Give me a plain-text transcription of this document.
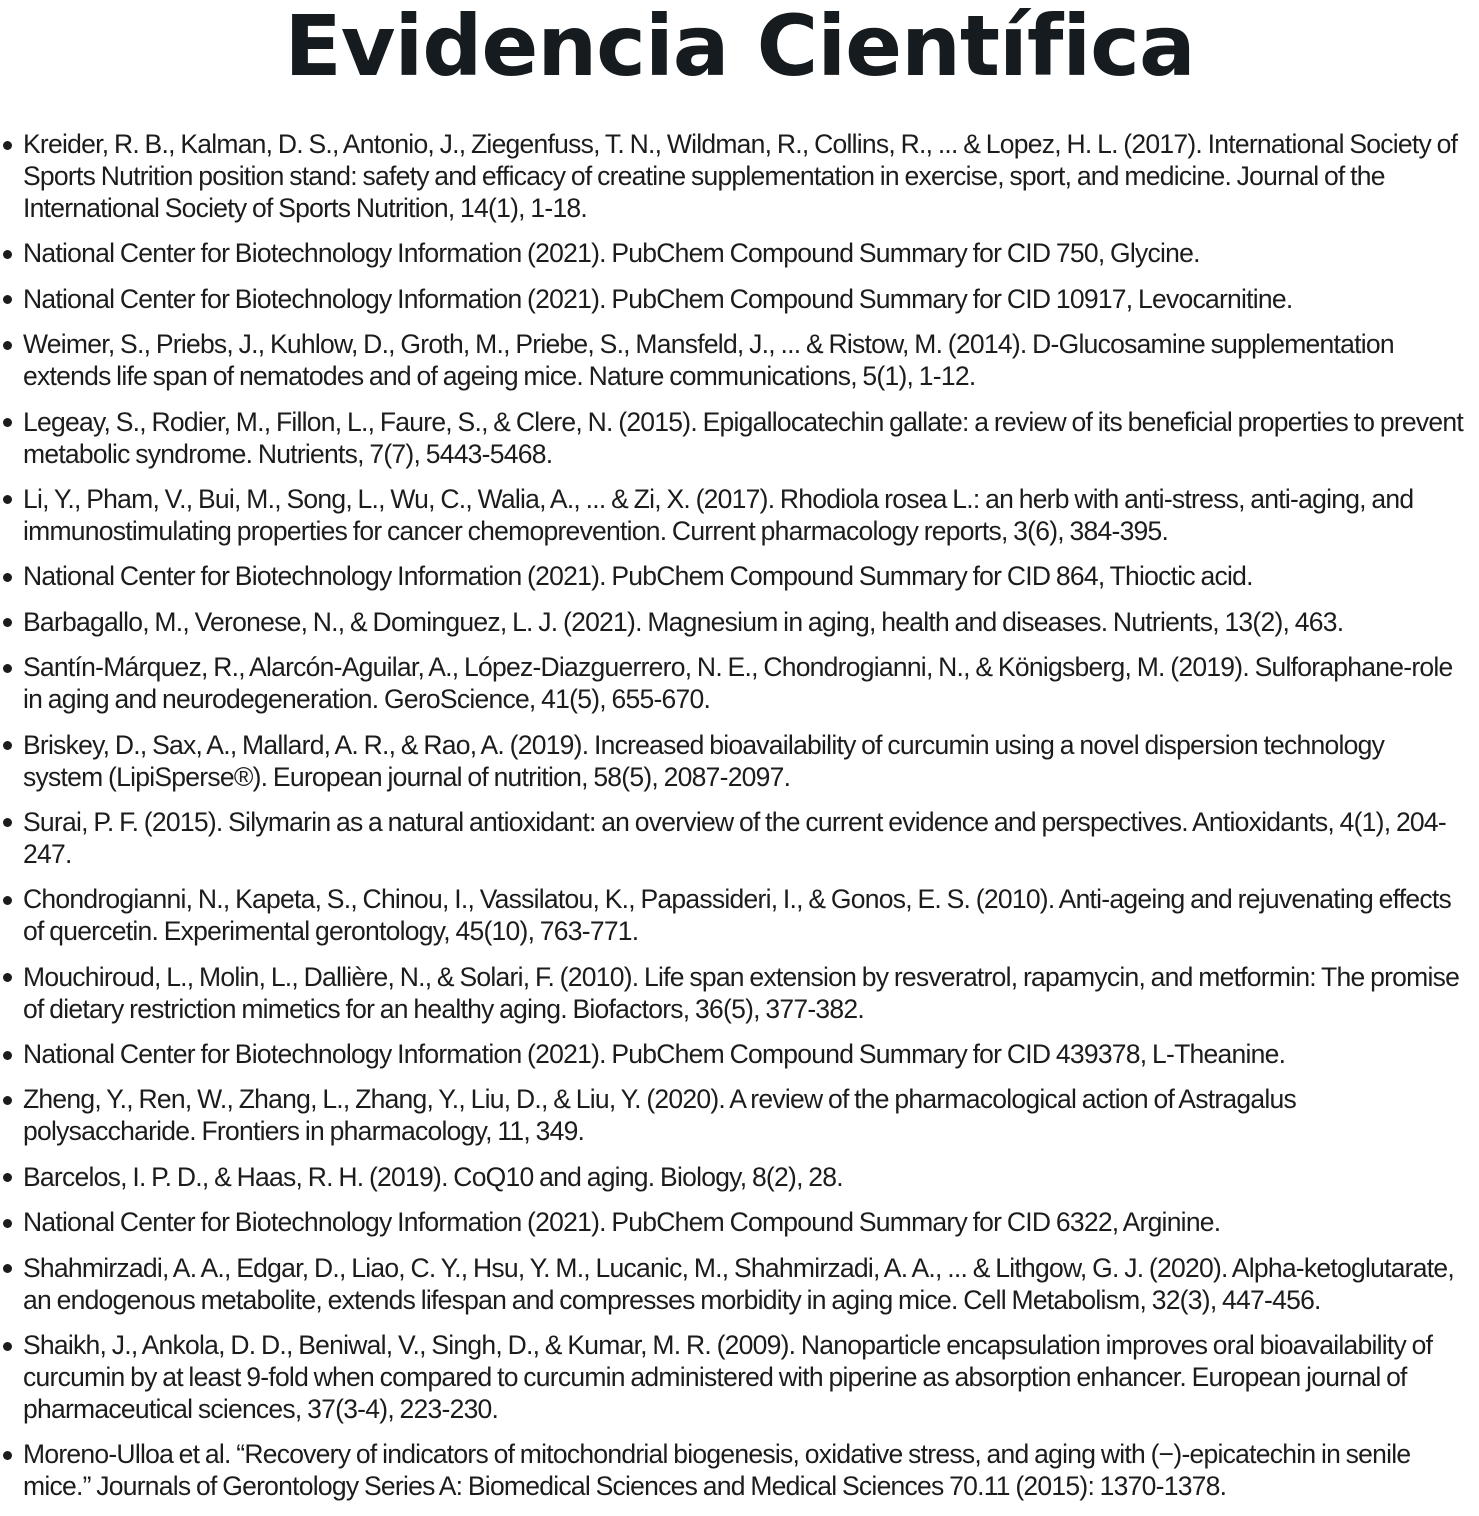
Evidencia Científica
Kreider, R. B., Kalman, D. S., Antonio, J., Ziegenfuss, T. N., Wildman, R., Collins, R., ... & Lopez, H. L. (2017). International Society of Sports Nutrition position stand: safety and efficacy of creatine supplementation in exercise, sport, and medicine. Journal of the International Society of Sports Nutrition, 14(1), 1-18.
National Center for Biotechnology Information (2021). PubChem Compound Summary for CID 750, Glycine.
National Center for Biotechnology Information (2021). PubChem Compound Summary for CID 10917, Levocarnitine.
Weimer, S., Priebs, J., Kuhlow, D., Groth, M., Priebe, S., Mansfeld, J., ... & Ristow, M. (2014). D-Glucosamine supplementation extends life span of nematodes and of ageing mice. Nature communications, 5(1), 1-12.
Legeay, S., Rodier, M., Fillon, L., Faure, S., & Clere, N. (2015). Epigallocatechin gallate: a review of its beneficial properties to prevent metabolic syndrome. Nutrients, 7(7), 5443-5468.
Li, Y., Pham, V., Bui, M., Song, L., Wu, C., Walia, A., ... & Zi, X. (2017). Rhodiola rosea L.: an herb with anti-stress, anti-aging, and immunostimulating properties for cancer chemoprevention. Current pharmacology reports, 3(6), 384-395.
National Center for Biotechnology Information (2021). PubChem Compound Summary for CID 864, Thioctic acid.
Barbagallo, M., Veronese, N., & Dominguez, L. J. (2021). Magnesium in aging, health and diseases. Nutrients, 13(2), 463.
Santín-Márquez, R., Alarcón-Aguilar, A., López-Diazguerrero, N. E., Chondrogianni, N., & Königsberg, M. (2019). Sulforaphane-role in aging and neurodegeneration. GeroScience, 41(5), 655-670.
Briskey, D., Sax, A., Mallard, A. R., & Rao, A. (2019). Increased bioavailability of curcumin using a novel dispersion technology system (LipiSperse®). European journal of nutrition, 58(5), 2087-2097.
Surai, P. F. (2015). Silymarin as a natural antioxidant: an overview of the current evidence and perspectives. Antioxidants, 4(1), 204-247.
Chondrogianni, N., Kapeta, S., Chinou, I., Vassilatou, K., Papassideri, I., & Gonos, E. S. (2010). Anti-ageing and rejuvenating effects of quercetin. Experimental gerontology, 45(10), 763-771.
Mouchiroud, L., Molin, L., Dallière, N., & Solari, F. (2010). Life span extension by resveratrol, rapamycin, and metformin: The promise of dietary restriction mimetics for an healthy aging. Biofactors, 36(5), 377-382.
National Center for Biotechnology Information (2021). PubChem Compound Summary for CID 439378, L-Theanine.
Zheng, Y., Ren, W., Zhang, L., Zhang, Y., Liu, D., & Liu, Y. (2020). A review of the pharmacological action of Astragalus polysaccharide. Frontiers in pharmacology, 11, 349.
Barcelos, I. P. D., & Haas, R. H. (2019). CoQ10 and aging. Biology, 8(2), 28.
National Center for Biotechnology Information (2021). PubChem Compound Summary for CID 6322, Arginine.
Shahmirzadi, A. A., Edgar, D., Liao, C. Y., Hsu, Y. M., Lucanic, M., Shahmirzadi, A. A., ... & Lithgow, G. J. (2020). Alpha-ketoglutarate, an endogenous metabolite, extends lifespan and compresses morbidity in aging mice. Cell Metabolism, 32(3), 447-456.
Shaikh, J., Ankola, D. D., Beniwal, V., Singh, D., & Kumar, M. R. (2009). Nanoparticle encapsulation improves oral bioavailability of curcumin by at least 9-fold when compared to curcumin administered with piperine as absorption enhancer. European journal of pharmaceutical sciences, 37(3-4), 223-230.
Moreno-Ulloa et al. “Recovery of indicators of mitochondrial biogenesis, oxidative stress, and aging with (−)-epicatechin in senile mice.” Journals of Gerontology Series A: Biomedical Sciences and Medical Sciences 70.11 (2015): 1370-1378.
